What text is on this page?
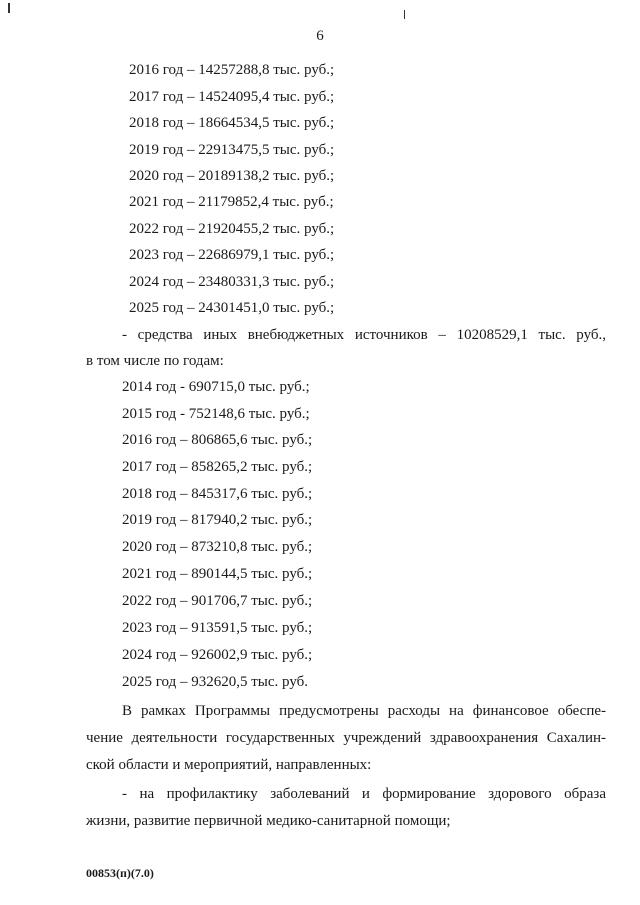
6
2016 год – 14257288,8 тыс. руб.;
2017 год – 14524095,4 тыс. руб.;
2018 год – 18664534,5 тыс. руб.;
2019 год – 22913475,5 тыс. руб.;
2020 год – 20189138,2 тыс. руб.;
2021 год – 21179852,4 тыс. руб.;
2022 год – 21920455,2 тыс. руб.;
2023 год – 22686979,1 тыс. руб.;
2024 год – 23480331,3 тыс. руб.;
2025 год – 24301451,0 тыс. руб.;
- средства иных внебюджетных источников – 10208529,1 тыс. руб.,
в том числе по годам:
2014 год - 690715,0 тыс. руб.;
2015 год - 752148,6 тыс. руб.;
2016 год – 806865,6 тыс. руб.;
2017 год – 858265,2 тыс. руб.;
2018 год – 845317,6 тыс. руб.;
2019 год – 817940,2 тыс. руб.;
2020 год – 873210,8 тыс. руб.;
2021 год – 890144,5 тыс. руб.;
2022 год – 901706,7 тыс. руб.;
2023 год – 913591,5 тыс. руб.;
2024 год – 926002,9 тыс. руб.;
2025 год – 932620,5 тыс. руб.
В рамках Программы предусмотрены расходы на финансовое обеспе-
чение деятельности государственных учреждений здравоохранения Сахалин-
ской области и мероприятий, направленных:
- на профилактику заболеваний и формирование здорового образа
жизни, развитие первичной медико-санитарной помощи;
00853(п)(7.0)
